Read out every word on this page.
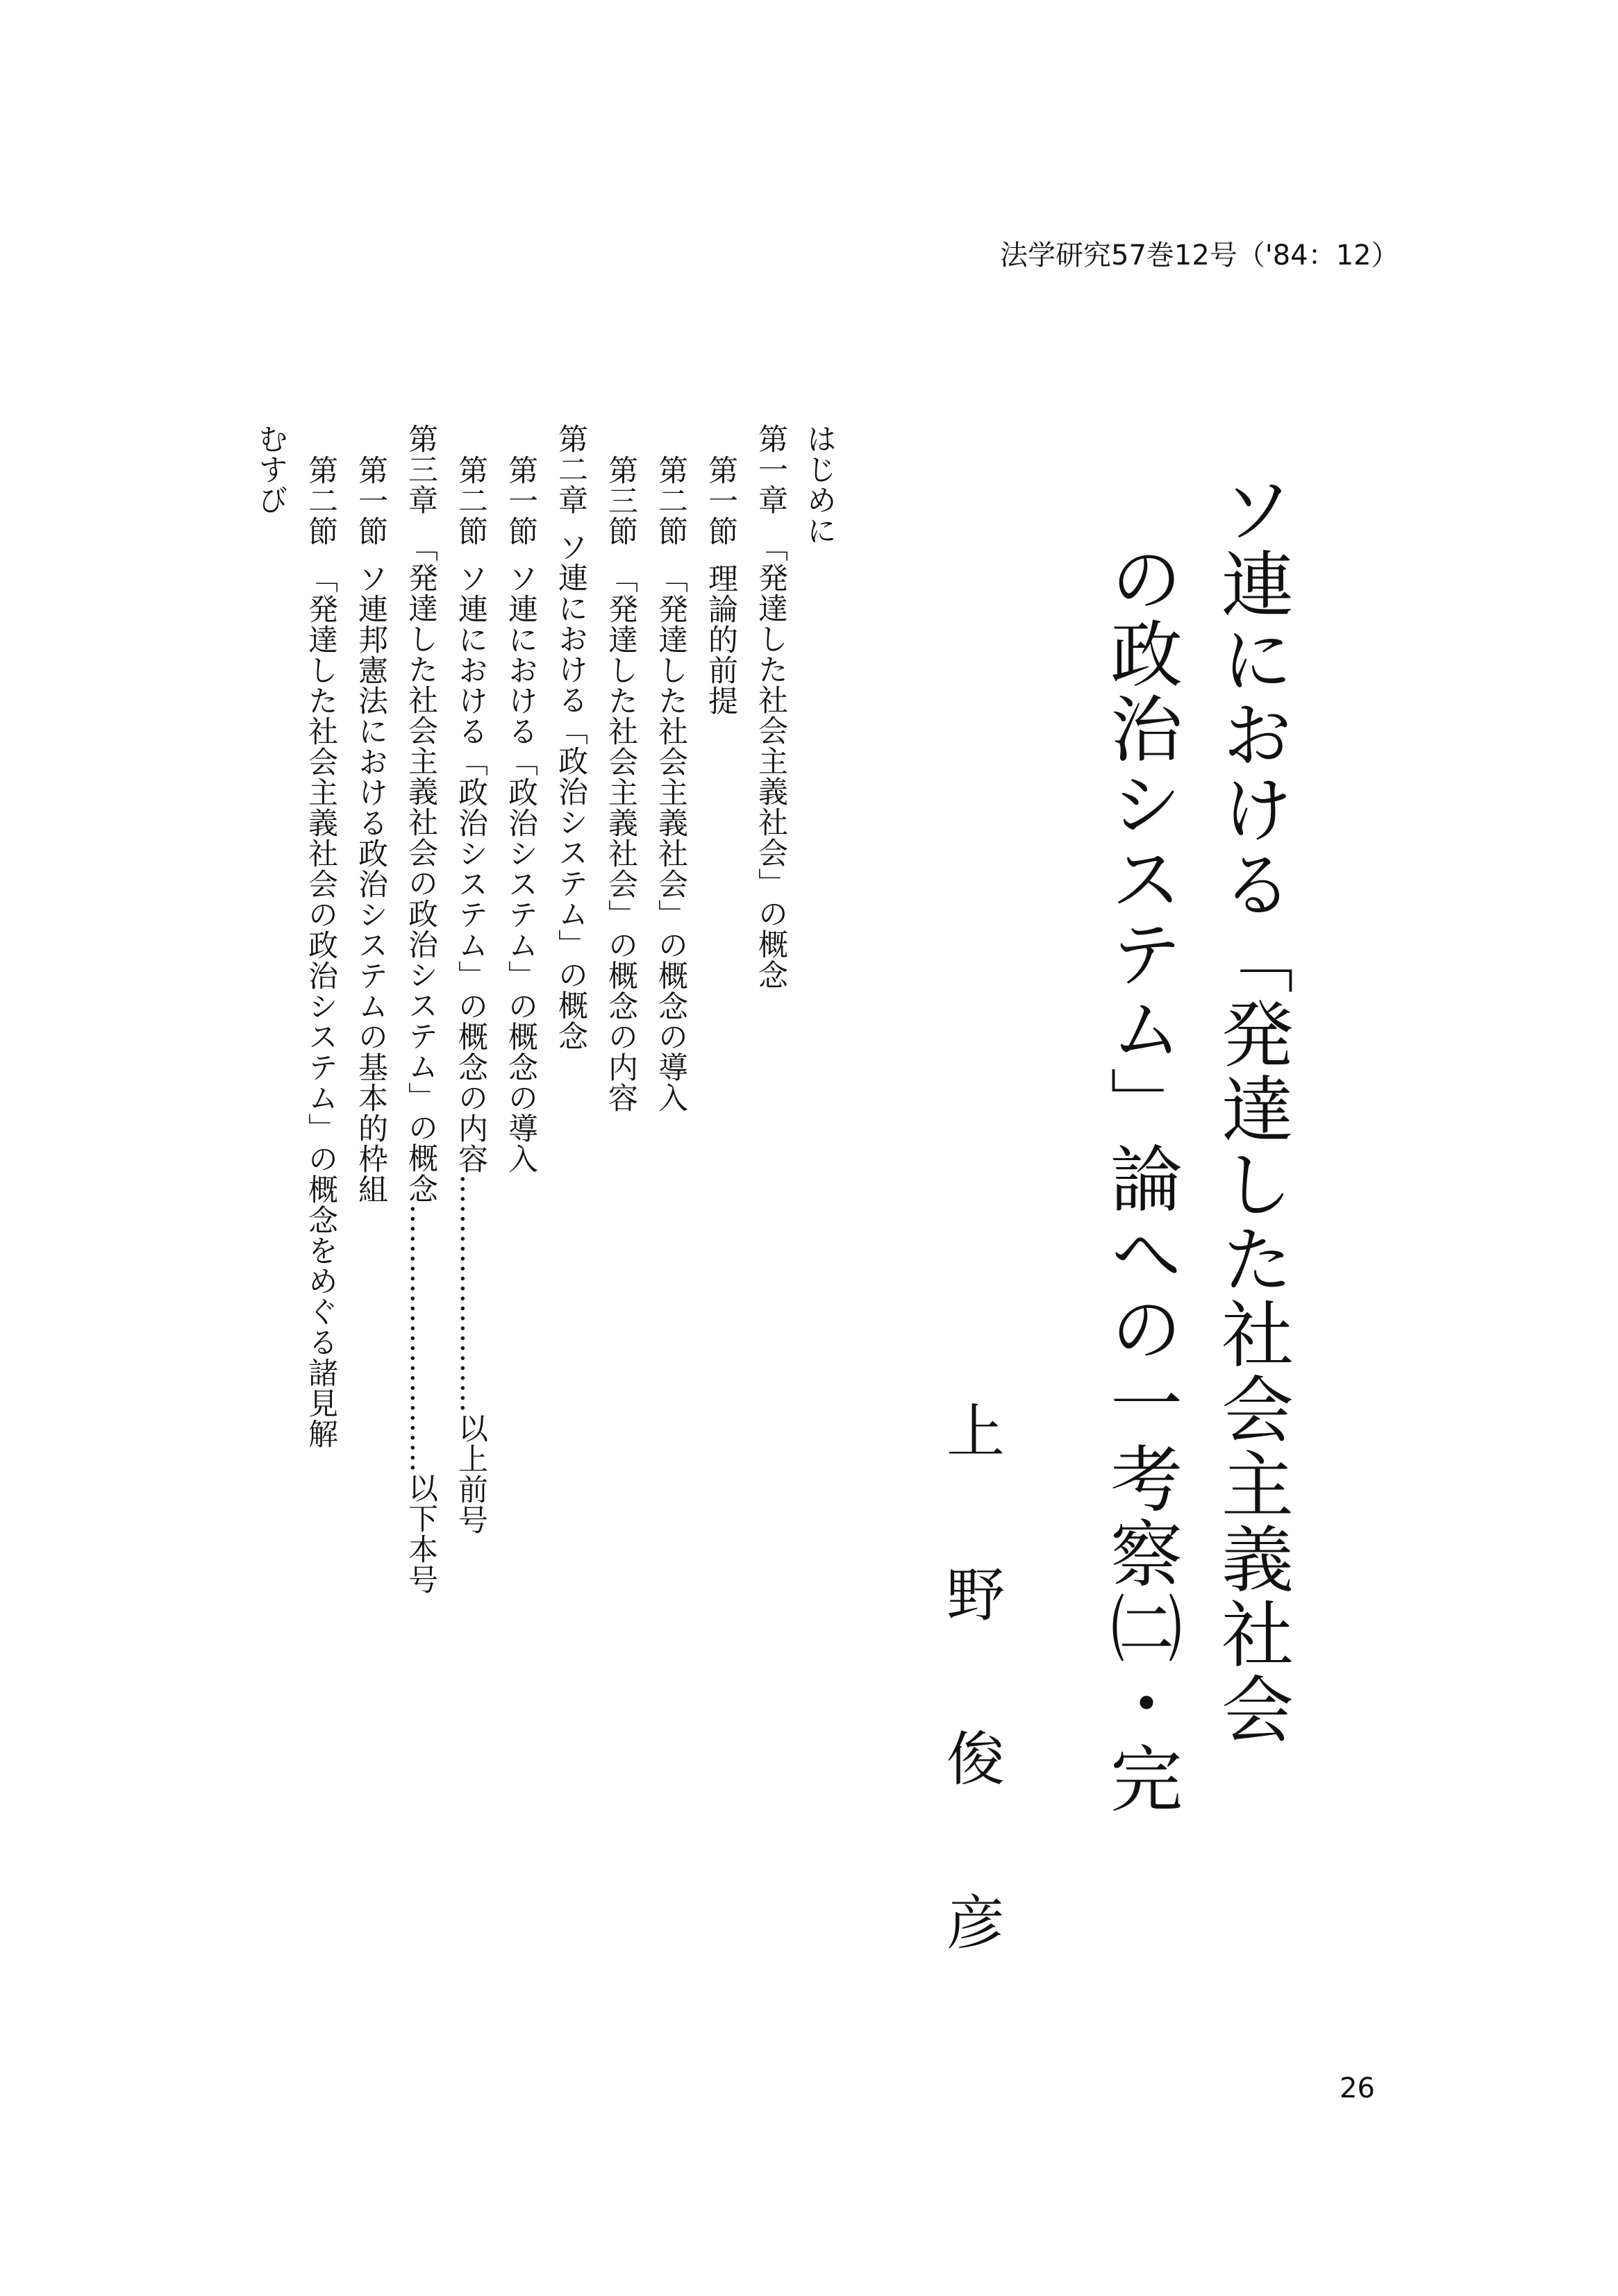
法学研究57巻12号（'84：12）
ソ連における「発達した社会主義社会
の政治システム」論への一考察㈡・完
上
野
俊
彦
はじめに
第一章「発達した社会主義社会」の概念
第一節理論的前提
第二節「発達した社会主義社会」の概念の導入
第三節「発達した社会主義社会」の概念の内容
第二章ソ連における「政治システム」の概念
第一節ソ連における「政治システム」の概念の導入
第二節ソ連における「政治システム」の概念の内容……………………以上前号
第三章「発達した社会主義社会の政治システム」の概念………………………以下本号
第一節ソ連邦憲法における政治システムの基本的枠組
第二節「発達した社会主義社会の政治システム」の概念をめぐる諸見解
むすび
26
